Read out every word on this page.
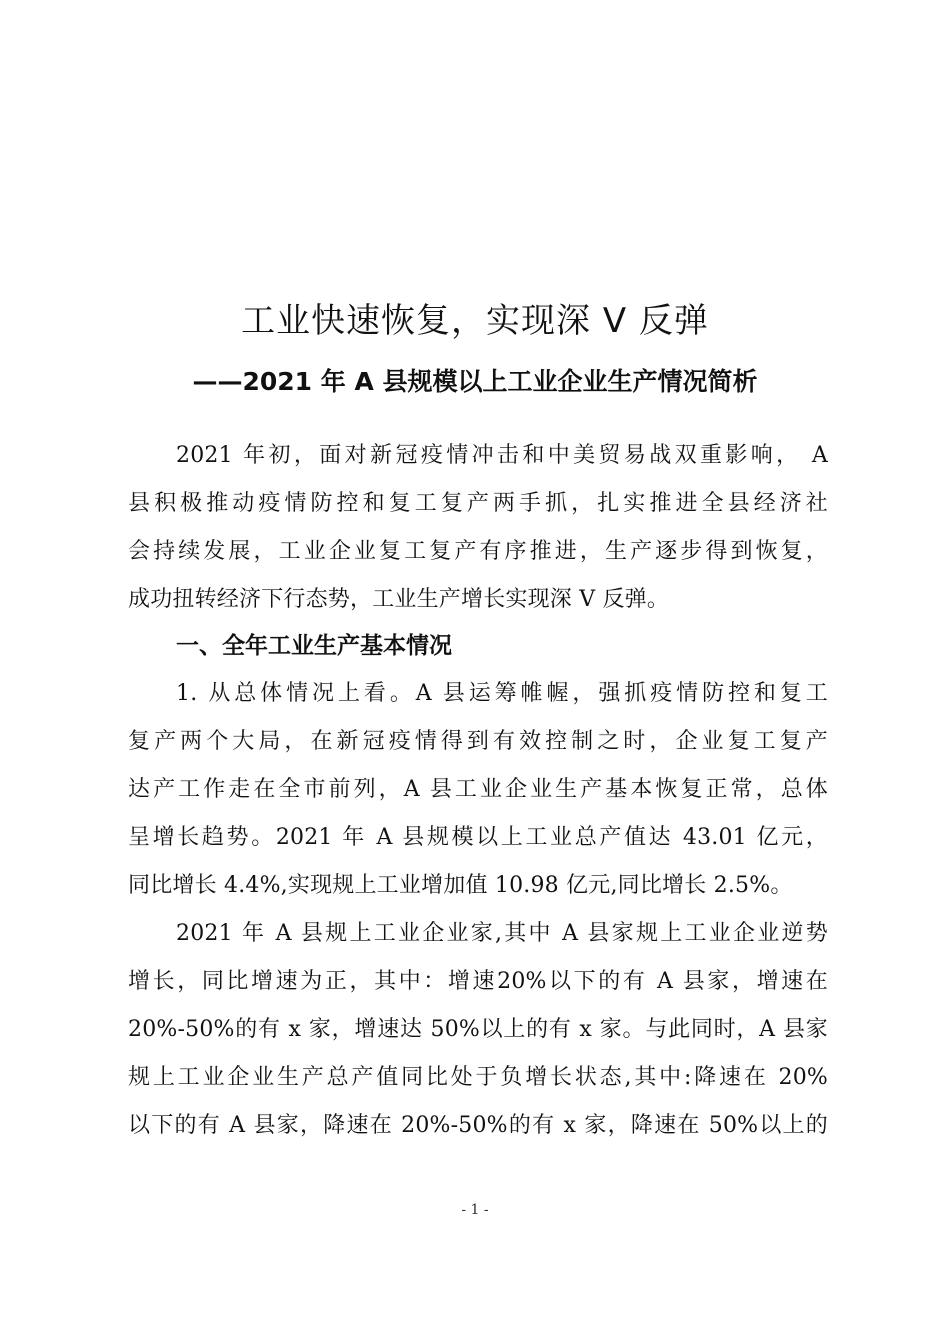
工业快速恢复，实现深 V 反弹
——2021 年 A 县规模以上工业企业生产情况简析
2021 年初，面对新冠疫情冲击和中美贸易战双重影响， A
县积极推动疫情防控和复工复产两手抓，扎实推进全县经济社
会持续发展，工业企业复工复产有序推进，生产逐步得到恢复，
成功扭转经济下行态势，工业生产增长实现深 V 反弹。
一、全年工业生产基本情况
1. 从总体情况上看。A 县运筹帷幄，强抓疫情防控和复工
复产两个大局，在新冠疫情得到有效控制之时，企业复工复产
达产工作走在全市前列，A 县工业企业生产基本恢复正常，总体
呈增长趋势。2021 年 A 县规模以上工业总产值达 43.01 亿元，
同比增长 4.4%,实现规上工业增加值 10.98 亿元,同比增长 2.5%。
2021 年 A 县规上工业企业家,其中 A 县家规上工业企业逆势
增长，同比增速为正，其中：增速20%以下的有 A 县家，增速在
20%-50%的有 x 家，增速达 50%以上的有 x 家。与此同时，A 县家
规上工业企业生产总产值同比处于负增长状态,其中:降速在 20%
以下的有 A 县家，降速在 20%-50%的有 x 家，降速在 50%以上的
- 1 -
